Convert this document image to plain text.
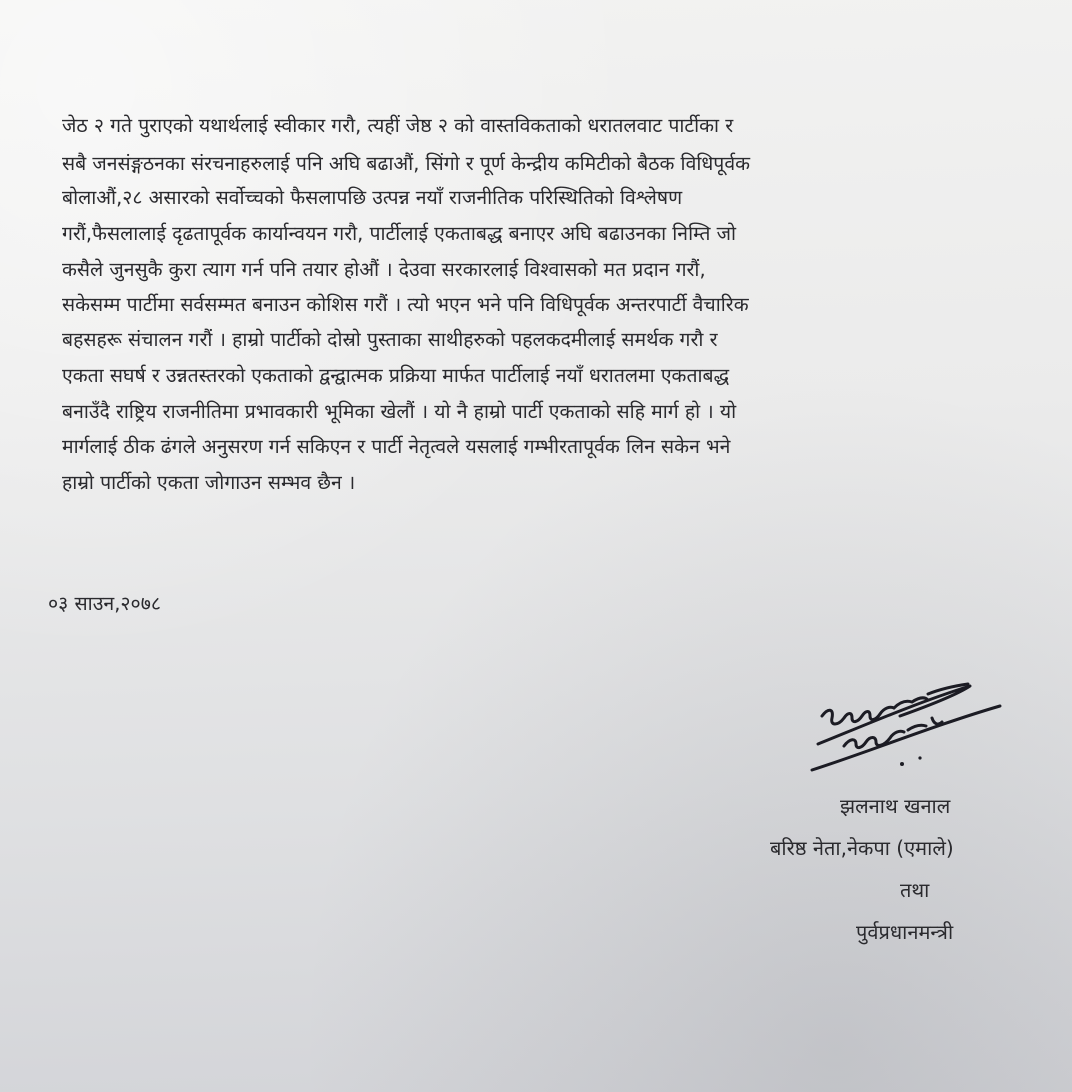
जेठ २ गते पुराएको यथार्थलाई स्वीकार गरौ, त्यहीं जेष्ठ २ को वास्तविकताको धरातलवाट पार्टीका र

सबै जनसंङ्गठनका संरचनाहरुलाई पनि अघि बढाऔं, सिंगो र पूर्ण केन्द्रीय कमिटीको बैठक विधिपूर्वक

बोलाऔं,२८ असारको सर्वोच्चको फैसलापछि उत्पन्न नयाँ राजनीतिक परिस्थितिको विश्लेषण

गरौं,फैसलालाई दृढतापूर्वक कार्यान्वयन गरौ, पार्टीलाई एकताबद्ध बनाएर अघि बढाउनका निम्ति जो

कसैले जुनसुकै कुरा त्याग गर्न पनि तयार होऔं । देउवा सरकारलाई विश्वासको मत प्रदान गरौं,

सकेसम्म पार्टीमा सर्वसम्मत बनाउन कोशिस गरौं । त्यो भएन भने पनि विधिपूर्वक अन्तरपार्टी वैचारिक

बहसहरू संचालन गरौं । हाम्रो पार्टीको दोस्रो पुस्ताका साथीहरुको पहलकदमीलाई समर्थक गरौ र

एकता सघर्ष र उन्नतस्तरको एकताको द्वन्द्वात्मक प्रक्रिया मार्फत पार्टीलाई नयाँ धरातलमा एकताबद्ध

बनाउँदै राष्ट्रिय राजनीतिमा प्रभावकारी भूमिका खेलौं । यो नै हाम्रो पार्टी एकताको सहि मार्ग हो । यो

मार्गलाई ठीक ढंगले अनुसरण गर्न सकिएन र पार्टी नेतृत्वले यसलाई गम्भीरतापूर्वक लिन सकेन भने

हाम्रो पार्टीको एकता जोगाउन सम्भव छैन ।

०३ साउन,२०७८
झलनाथ खनाल
बरिष्ठ नेता,नेकपा (एमाले)
तथा
पुर्वप्रधानमन्त्री
